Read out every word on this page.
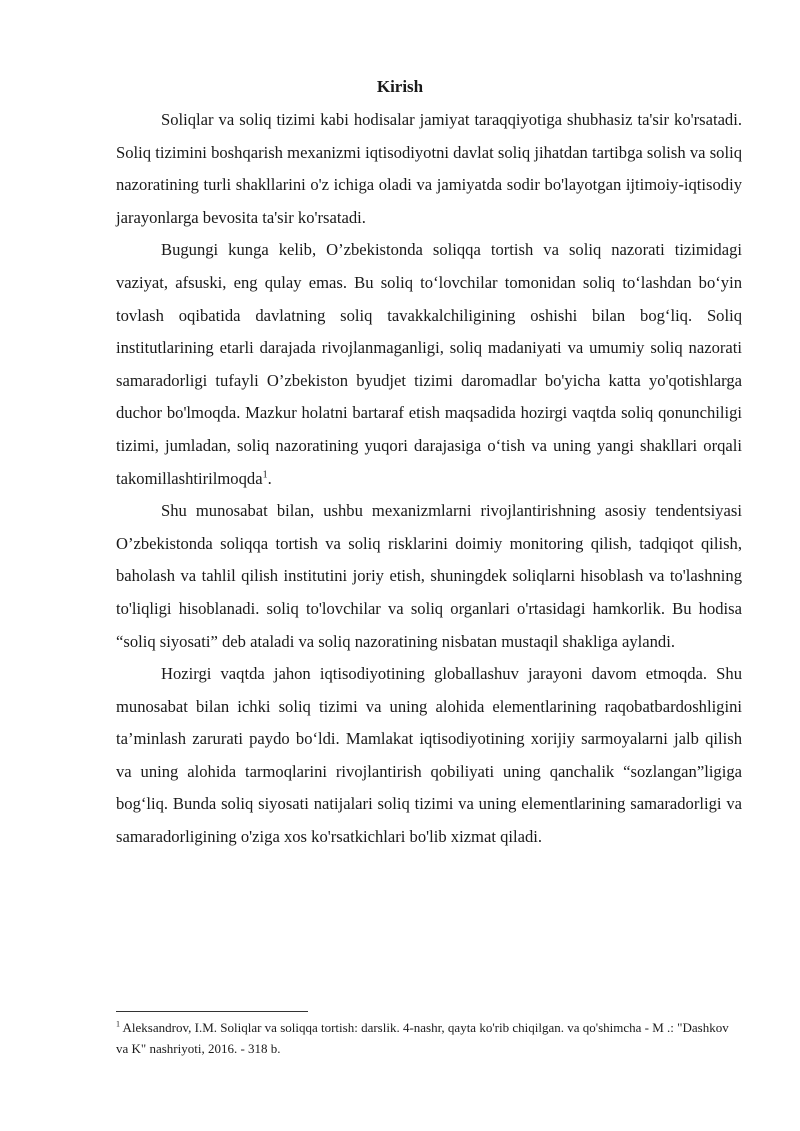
Kirish

Soliqlar va soliq tizimi kabi hodisalar jamiyat taraqqiyotiga shubhasiz ta'sir ko'rsatadi. Soliq tizimini boshqarish mexanizmi iqtisodiyotni davlat soliq jihatdan tartibga solish va soliq nazoratining turli shakllarini o'z ichiga oladi va jamiyatda sodir bo'layotgan ijtimoiy-iqtisodiy jarayonlarga bevosita ta'sir ko'rsatadi.

Bugungi kunga kelib, O’zbekistonda soliqqa tortish va soliq nazorati tizimidagi vaziyat, afsuski, eng qulay emas. Bu soliq to‘lovchilar tomonidan soliq to‘lashdan bo‘yin tovlash oqibatida davlatning soliq tavakkalchiligining oshishi bilan bog‘liq. Soliq institutlarining etarli darajada rivojlanmaganligi, soliq madaniyati va umumiy soliq nazorati samaradorligi tufayli O’zbekiston byudjet tizimi daromadlar bo'yicha katta yo'qotishlarga duchor bo'lmoqda. Mazkur holatni bartaraf etish maqsadida hozirgi vaqtda soliq qonunchiligi tizimi, jumladan, soliq nazoratining yuqori darajasiga o‘tish va uning yangi shakllari orqali takomillashtirilmoqda$^1$.

Shu munosabat bilan, ushbu mexanizmlarni rivojlantirishning asosiy tendentsiyasi O’zbekistonda soliqqa tortish va soliq risklarini doimiy monitoring qilish, tadqiqot qilish, baholash va tahlil qilish institutini joriy etish, shuningdek soliqlarni hisoblash va to'lashning to'liqligi hisoblanadi. soliq to'lovchilar va soliq organlari o'rtasidagi hamkorlik. Bu hodisa “soliq siyosati” deb ataladi va soliq nazoratining nisbatan mustaqil shakliga aylandi.

Hozirgi vaqtda jahon iqtisodiyotining globallashuv jarayoni davom etmoqda. Shu munosabat bilan ichki soliq tizimi va uning alohida elementlarining raqobatbardoshligini ta’minlash zarurati paydo bo‘ldi. Mamlakat iqtisodiyotining xorijiy sarmoyalarni jalb qilish va uning alohida tarmoqlarini rivojlantirish qobiliyati uning qanchalik “sozlangan”ligiga bog‘liq. Bunda soliq siyosati natijalari soliq tizimi va uning elementlarining samaradorligi va samaradorligining o'ziga xos ko'rsatkichlari bo'lib xizmat qiladi.

$^1$ Aleksandrov, I.M. Soliqlar va soliqqa tortish: darslik. 4-nashr, qayta ko'rib chiqilgan. va qo'shimcha - M .: "Dashkov va K" nashriyoti, 2016. - 318 b.
